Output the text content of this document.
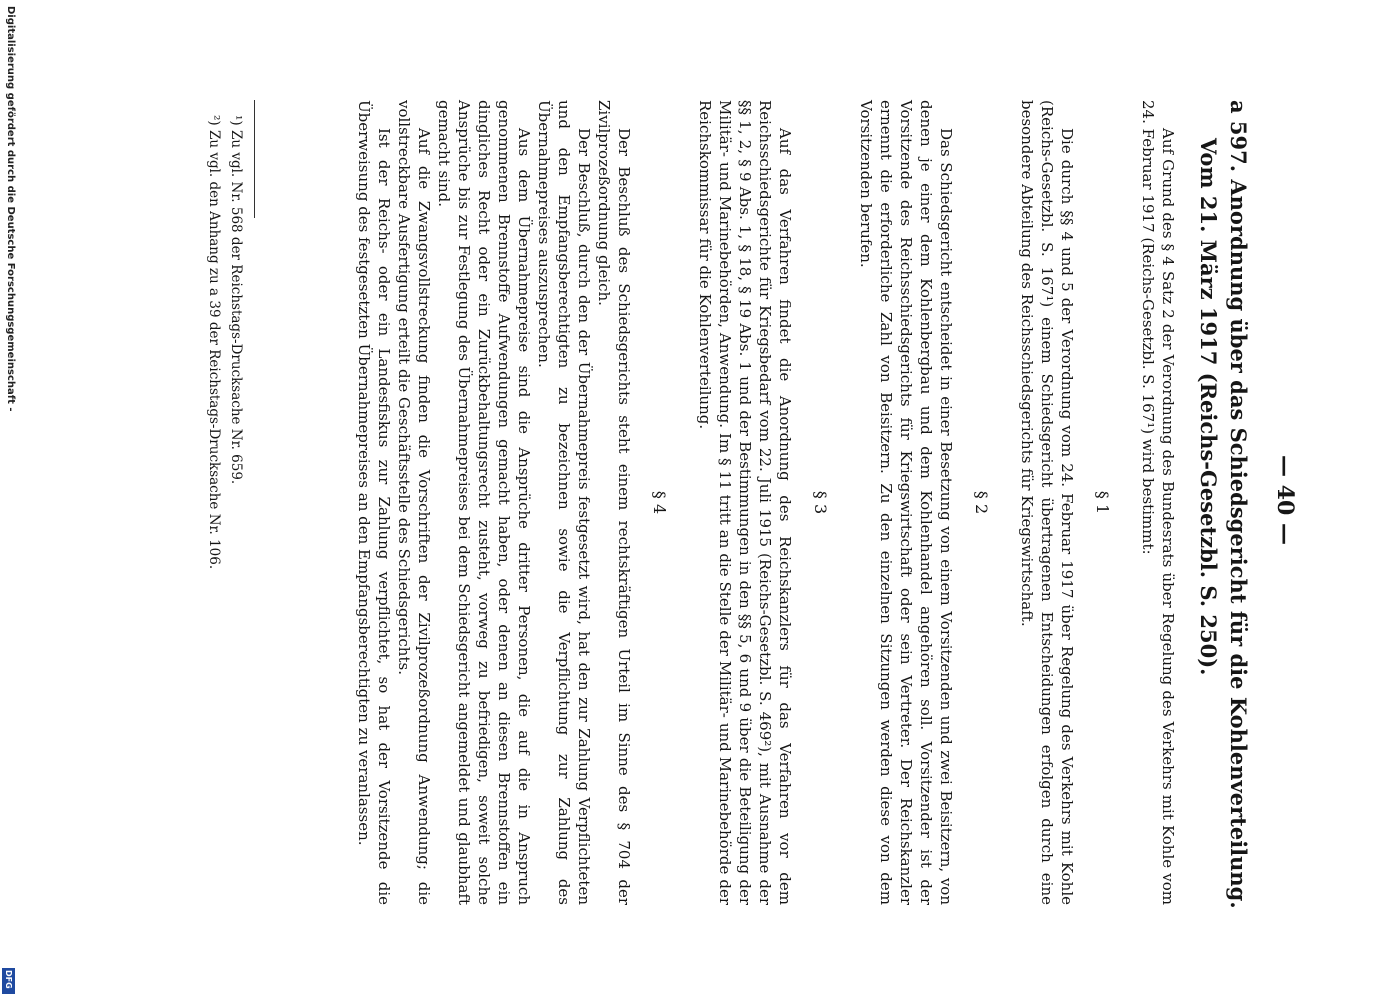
— 40 —
a 597. Anordnung über das Schiedsgericht für die Kohlenverteilung. Vom 21. März 1917 (Reichs-Gesetzbl. S. 250).

Auf Grund des § 4 Satz 2 der Verordnung des Bundesrats über Regelung des Verkehrs mit Kohle vom 24. Februar 1917 (Reichs-Gesetzbl. S. 167¹) wird bestimmt:

§ 1

Die durch §§ 4 und 5 der Verordnung vom 24. Februar 1917 über Regelung des Verkehrs mit Kohle (Reichs-Gesetzbl. S. 167¹) einem Schiedsgericht übertragenen Entscheidungen erfolgen durch eine besondere Abteilung des Reichsschiedsgerichts für Kriegswirtschaft.

§ 2

Das Schiedsgericht entscheidet in einer Besetzung von einem Vorsitzenden und zwei Beisitzern, von denen je einer dem Kohlenbergbau und dem Kohlenhandel angehören soll. Vorsitzender ist der Vorsitzende des Reichsschiedsgerichts für Kriegswirtschaft oder sein Vertreter. Der Reichskanzler ernennt die erforderliche Zahl von Beisitzern. Zu den einzelnen Sitzungen werden diese von dem Vorsitzenden berufen.

§ 3

Auf das Verfahren findet die Anordnung des Reichskanzlers für das Verfahren vor dem Reichsschiedsgerichte für Kriegsbedarf vom 22. Juli 1915 (Reichs-Gesetzbl. S. 469²), mit Ausnahme der §§ 1, 2, § 9 Abs. 1, § 18, § 19 Abs. 1 und der Bestimmungen in den §§ 5, 6 und 9 über die Beteiligung der Militär- und Marinebehörden, Anwendung. Im § 11 tritt an die Stelle der Militär- und Marinebehörde der Reichskommissar für die Kohlenverteilung.

§ 4

Der Beschluß des Schiedsgerichts steht einem rechtskräftigen Urteil im Sinne des § 704 der Zivilprozeßordnung gleich.

Der Beschluß, durch den der Übernahmepreis festgesetzt wird, hat den zur Zahlung Verpflichteten und den Empfangsberechtigten zu bezeichnen sowie die Verpflichtung zur Zahlung des Übernahmepreises auszusprechen.

Aus dem Übernahmepreise sind die Ansprüche dritter Personen, die auf die in Anspruch genommenen Brennstoffe Aufwendungen gemacht haben, oder denen an diesen Brennstoffen ein dingliches Recht oder ein Zurückbehaltungsrecht zusteht, vorweg zu befriedigen, soweit solche Ansprüche bis zur Festlegung des Übernahmepreises bei dem Schiedsgericht angemeldet und glaubhaft gemacht sind.

Auf die Zwangsvollstreckung finden die Vorschriften der Zivilprozeßordnung Anwendung; die vollstreckbare Ausfertigung erteilt die Geschäftsstelle des Schiedsgerichts.

Ist der Reichs- oder ein Landesfiskus zur Zahlung verpflichtet, so hat der Vorsitzende die Überweisung des festgesetzten Übernahmepreises an den Empfangsberechtigten zu veranlassen.

¹) Zu vgl. Nr. 568 der Reichstags-Drucksache Nr. 659.
²) Zu vgl. den Anhang zu a 39 der Reichstags-Drucksache Nr. 106.
Digitalisierung gefördert durch die Deutsche Forschungsgemeinschaft -
DFG
